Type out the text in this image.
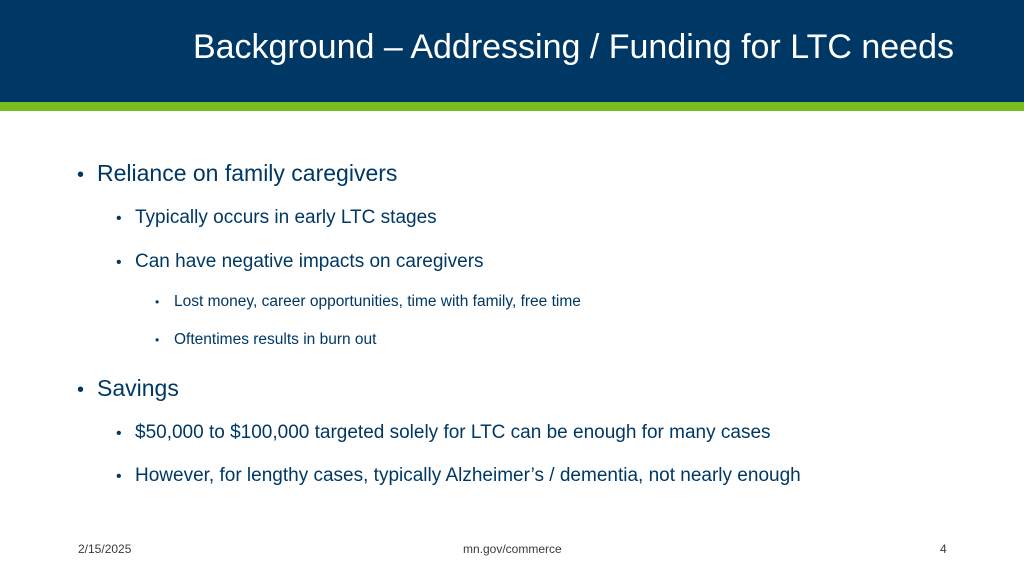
Background – Addressing / Funding for LTC needs
• Reliance on family caregivers
• Typically occurs in early LTC stages
• Can have negative impacts on caregivers
• Lost money, career opportunities, time with family, free time
• Oftentimes results in burn out
• Savings
• $50,000 to $100,000 targeted solely for LTC can be enough for many cases
• However, for lengthy cases, typically Alzheimer’s / dementia, not nearly enough
2/15/2025	mn.gov/commerce	4
